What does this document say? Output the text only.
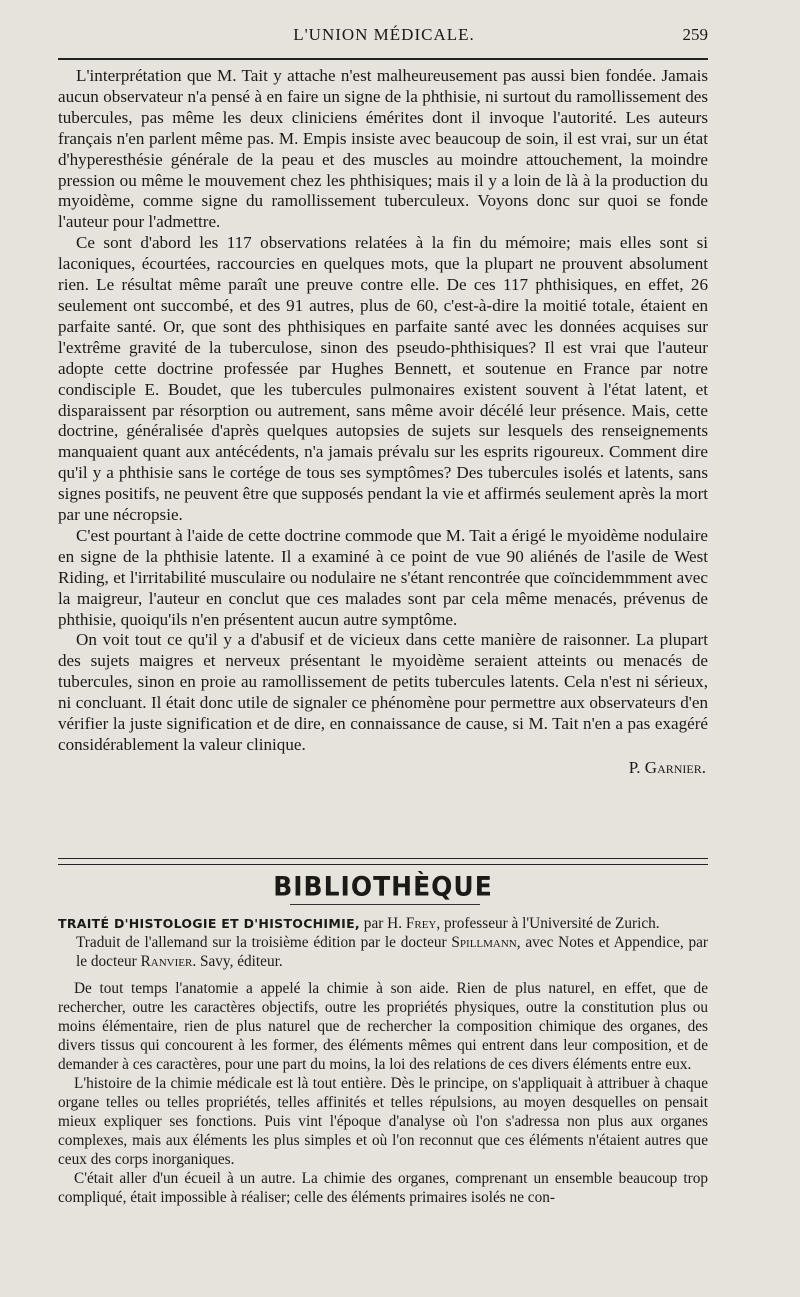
L'UNION MÉDICALE.	259

L'interprétation que M. Tait y attache n'est malheureusement pas aussi bien fondée. Jamais aucun observateur n'a pensé à en faire un signe de la phthisie, ni surtout du ramollissement des tubercules, pas même les deux cliniciens émérites dont il invoque l'autorité. Les auteurs français n'en parlent même pas. M. Empis insiste avec beaucoup de soin, il est vrai, sur un état d'hyperesthésie générale de la peau et des muscles au moindre attouchement, la moindre pression ou même le mouvement chez les phthisiques; mais il y a loin de là à la production du myoidème, comme signe du ramollissement tuberculeux. Voyons donc sur quoi se fonde l'auteur pour l'admettre.

Ce sont d'abord les 117 observations relatées à la fin du mémoire; mais elles sont si laconiques, écourtées, raccourcies en quelques mots, que la plupart ne prouvent absolument rien. Le résultat même paraît une preuve contre elle. De ces 117 phthisiques, en effet, 26 seulement ont succombé, et des 91 autres, plus de 60, c'est-à-dire la moitié totale, étaient en parfaite santé. Or, que sont des phthisiques en parfaite santé avec les données acquises sur l'extrême gravité de la tuberculose, sinon des pseudo-phthisiques? Il est vrai que l'auteur adopte cette doctrine professée par Hughes Bennett, et soutenue en France par notre condisciple E. Boudet, que les tubercules pulmonaires existent souvent à l'état latent, et disparaissent par résorption ou autrement, sans même avoir décélé leur présence. Mais, cette doctrine, généralisée d'après quelques autopsies de sujets sur lesquels des renseignements manquaient quant aux antécédents, n'a jamais prévalu sur les esprits rigoureux. Comment dire qu'il y a phthisie sans le cortége de tous ses symptômes? Des tubercules isolés et latents, sans signes positifs, ne peuvent être que supposés pendant la vie et affirmés seulement après la mort par une nécropsie.

C'est pourtant à l'aide de cette doctrine commode que M. Tait a érigé le myoidème nodulaire en signe de la phthisie latente. Il a examiné à ce point de vue 90 aliénés de l'asile de West Riding, et l'irritabilité musculaire ou nodulaire ne s'étant rencontrée que coïncidemmment avec la maigreur, l'auteur en conclut que ces malades sont par cela même menacés, prévenus de phthisie, quoiqu'ils n'en présentent aucun autre symptôme.

On voit tout ce qu'il y a d'abusif et de vicieux dans cette manière de raisonner. La plupart des sujets maigres et nerveux présentant le myoidème seraient atteints ou menacés de tubercules, sinon en proie au ramollissement de petits tubercules latents. Cela n'est ni sérieux, ni concluant. Il était donc utile de signaler ce phénomène pour permettre aux observateurs d'en vérifier la juste signification et de dire, en connaissance de cause, si M. Tait n'en a pas exagéré considérablement la valeur clinique.

P. Garnier.
BIBLIOTHÈQUE
TRAITÉ D'HISTOLOGIE ET D'HISTOCHIMIE, par H. Frey, professeur à l'Université de Zurich.
Traduit de l'allemand sur la troisième édition par le docteur Spillmann, avec Notes et Appendice, par le docteur Ranvier. Savy, éditeur.

De tout temps l'anatomie a appelé la chimie à son aide. Rien de plus naturel, en effet, que de rechercher, outre les caractères objectifs, outre les propriétés physiques, outre la constitution plus ou moins élémentaire, rien de plus naturel que de rechercher la composition chimique des organes, des divers tissus qui concourent à les former, des éléments mêmes qui entrent dans leur composition, et de demander à ces caractères, pour une part du moins, la loi des relations de ces divers éléments entre eux.

L'histoire de la chimie médicale est là tout entière. Dès le principe, on s'appliquait à attribuer à chaque organe telles ou telles propriétés, telles affinités et telles répulsions, au moyen desquelles on pensait mieux expliquer ses fonctions. Puis vint l'époque d'analyse où l'on s'adressa non plus aux organes complexes, mais aux éléments les plus simples et où l'on reconnut que ces éléments n'étaient autres que ceux des corps inorganiques.

C'était aller d'un écueil à un autre. La chimie des organes, comprenant un ensemble beaucoup trop compliqué, était impossible à réaliser; celle des éléments primaires isolés ne con-
